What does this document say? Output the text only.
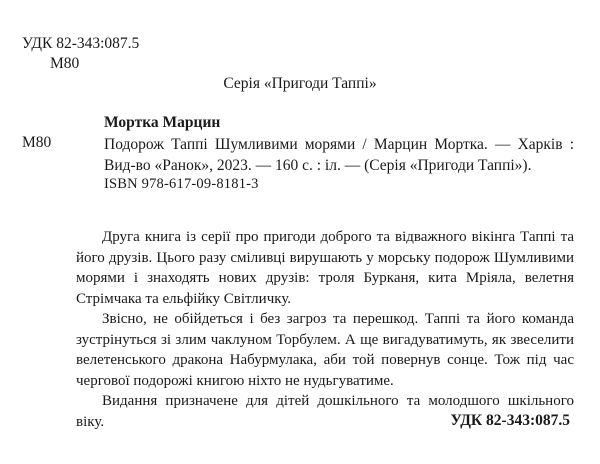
УДК 82-343:087.5
М80
Серія «Пригоди Таппі»
Мортка Марцин
М80	Подорож Таппі Шумливими морями / Марцин Мортка. — Харків : Вид-во «Ранок», 2023. — 160 с. : іл. — (Серія «Пригоди Таппі»).
ISBN 978-617-09-8181-3

Друга книга із серії про пригоди доброго та відважного вікінга Таппі та його друзів. Цього разу сміливці вирушають у морську подорож Шумливими морями і знаходять нових друзів: троля Бурканя, кита Мріяла, велетня Стрімчака та ельфійку Світличку.

Звісно, не обійдеться і без загроз та перешкод. Таппі та його команда зустрінуться зі злим чаклуном Торбулем. А ще вигадуватимуть, як звеселити велетенського дракона Набурмулака, аби той повернув сонце. Тож під час чергової подорожі книгою ніхто не нудьгуватиме.

Видання призначене для дітей дошкільного та молодшого шкільного віку.	УДК 82-343:087.5
